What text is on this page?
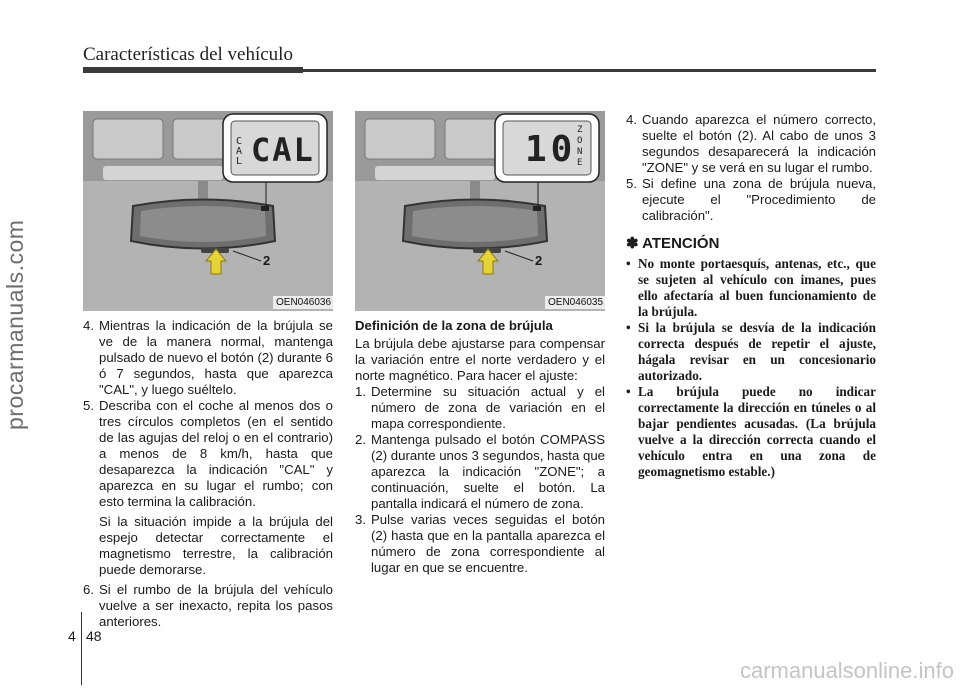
Características del vehículo
procarmanuals.com
carmanualsonline.info
C A L CAL
2
OEN046036
10 ZONE
2
OEN046035
4. Mientras la indicación de la brújula se ve de la manera normal, mantenga pulsado de nuevo el botón (2) durante 6 ó 7 segundos, hasta que aparezca "CAL", y luego suéltelo.
5. Describa con el coche al menos dos o tres círculos completos (en el sentido de las agujas del reloj o en el contrario) a menos de 8 km/h, hasta que desaparezca la indicación "CAL" y aparezca en su lugar el rumbo; con esto termina la calibración.
Si la situación impide a la brújula del espejo detectar correctamente el magnetismo terrestre, la calibración puede demorarse.
6. Si el rumbo de la brújula del vehículo vuelve a ser inexacto, repita los pasos anteriores.
Definición de la zona de brújula
La brújula debe ajustarse para compensar la variación entre el norte verdadero y el norte magnético. Para hacer el ajuste:
1. Determine su situación actual y el número de zona de variación en el mapa correspondiente.
2. Mantenga pulsado el botón COMPASS (2) durante unos 3 segundos, hasta que aparezca la indicación "ZONE"; a continuación, suelte el botón. La pantalla indicará el número de zona.
3. Pulse varias veces seguidas el botón (2) hasta que en la pantalla aparezca el número de zona correspondiente al lugar en que se encuentre.
4. Cuando aparezca el número correcto, suelte el botón (2). Al cabo de unos 3 segundos desaparecerá la indicación "ZONE" y se verá en su lugar el rumbo.
5. Si define una zona de brújula nueva, ejecute el "Procedimiento de calibración".
✽ ATENCIÓN
• No monte portaesquís, antenas, etc., que se sujeten al vehículo con imanes, pues ello afectaría al buen funcionamiento de la brújula.
• Si la brújula se desvía de la indicación correcta después de repetir el ajuste, hágala revisar en un concesionario autorizado.
• La brújula puede no indicar correctamente la dirección en túneles o al bajar pendientes acusadas. (La brújula vuelve a la dirección correcta cuando el vehículo entra en una zona de geomagnetismo estable.)
4 48
